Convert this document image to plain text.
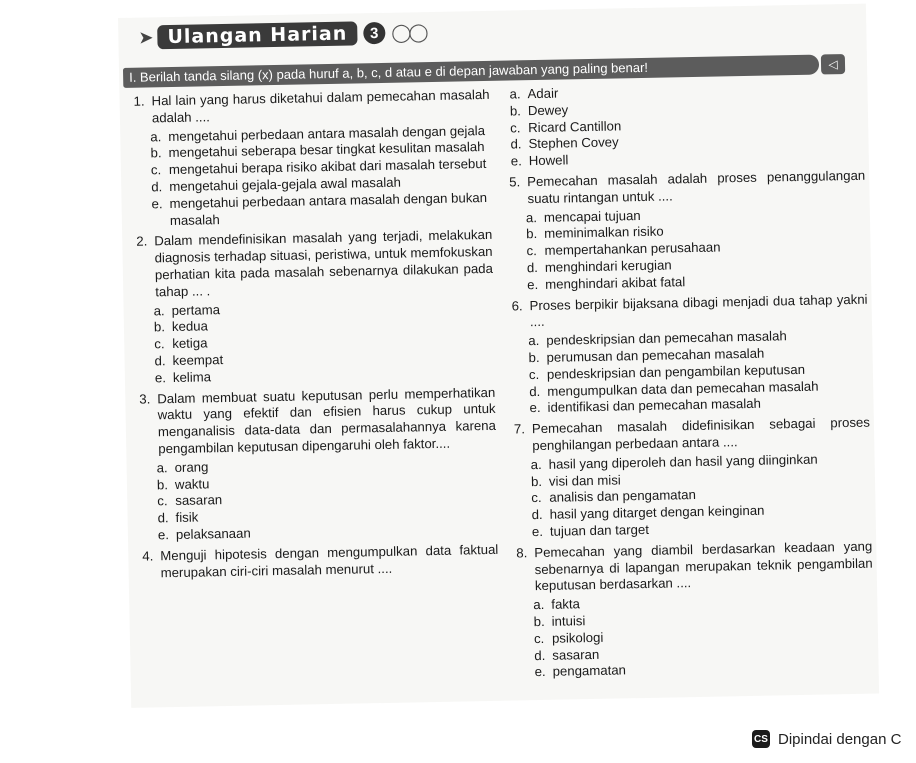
➤ Ulangan Harian	3 ◯◯
I. Berilah tanda silang (x) pada huruf a, b, c, d atau e di depan jawaban yang paling benar!	◁
1. Hal lain yang harus diketahui dalam pemecahan masalah adalah ....
a. mengetahui perbedaan antara masalah dengan gejala
b. mengetahui seberapa besar tingkat kesulitan masalah
c. mengetahui berapa risiko akibat dari masalah tersebut
d. mengetahui gejala-gejala awal masalah
e. mengetahui perbedaan antara masalah dengan bukan masalah
2. Dalam mendefinisikan masalah yang terjadi, melakukan diagnosis terhadap situasi, peristiwa, untuk memfokuskan perhatian kita pada masalah sebenarnya dilakukan pada tahap ... .
a. pertama
b. kedua
c. ketiga
d. keempat
e. kelima
3. Dalam membuat suatu keputusan perlu memperhatikan waktu yang efektif dan efisien harus cukup untuk menganalisis data-data dan permasalahannya karena pengambilan keputusan dipengaruhi oleh faktor....
a. orang
b. waktu
c. sasaran
d. fisik
e. pelaksanaan
4. Menguji hipotesis dengan mengumpulkan data faktual merupakan ciri-ciri masalah menurut ....
a. Adair
b. Dewey
c. Ricard Cantillon
d. Stephen Covey
e. Howell
5. Pemecahan masalah adalah proses penanggulangan suatu rintangan untuk ....
a. mencapai tujuan
b. meminimalkan risiko
c. mempertahankan perusahaan
d. menghindari kerugian
e. menghindari akibat fatal
6. Proses berpikir bijaksana dibagi menjadi dua tahap yakni ....
a. pendeskripsian dan pemecahan masalah
b. perumusan dan pemecahan masalah
c. pendeskripsian dan pengambilan keputusan
d. mengumpulkan data dan pemecahan masalah
e. identifikasi dan pemecahan masalah
7. Pemecahan masalah didefinisikan sebagai proses penghilangan perbedaan antara ....
a. hasil yang diperoleh dan hasil yang diinginkan
b. visi dan misi
c. analisis dan pengamatan
d. hasil yang ditarget dengan keinginan
e. tujuan dan target
8. Pemecahan yang diambil berdasarkan keadaan yang sebenarnya di lapangan merupakan teknik pengambilan keputusan berdasarkan ....
a. fakta
b. intuisi
c. psikologi
d. sasaran
e. pengamatan
CS Dipindai dengan C
